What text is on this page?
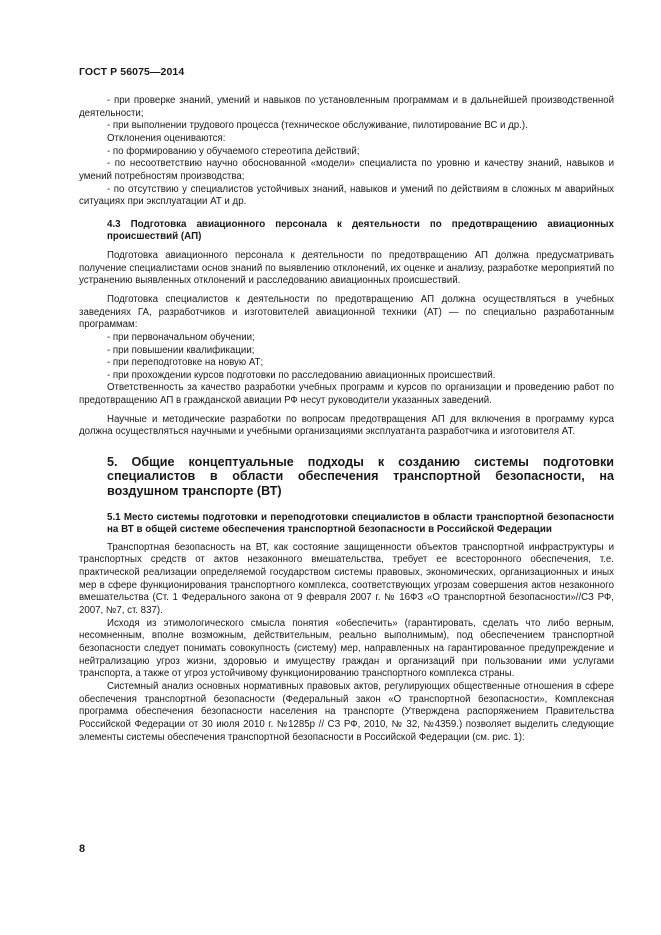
ГОСТ Р 56075—2014

- при проверке знаний, умений и навыков по установленным программам и в дальнейшей производственной деятельности;

- при выполнении трудового процесса (техническое обслуживание, пилотирование ВС и др.).

Отклонения оцениваются:

- по формированию у обучаемого стереотипа действий;

- по несоответствию научно обоснованной «модели» специалиста по уровню и качеству знаний, навыков и умений потребностям производства;

- по отсутствию у специалистов устойчивых знаний, навыков и умений по действиям в сложных м аварийных ситуациях при эксплуатации АТ и др.

4.3 Подготовка авиационного персонала к деятельности по предотвращению авиационных происшествий (АП)

Подготовка авиационного персонала к деятельности по предотвращению АП должна предусматривать получение специалистами основ знаний по выявлению отклонений, их оценке и анализу, разработке мероприятий по устранению выявленных отклонений и расследованию авиационных происшествий.

Подготовка специалистов к деятельности по предотвращению АП должна осуществляться в учебных заведениях ГА, разработчиков и изготовителей авиационной техники (АТ) — по специально разработанным программам:

- при первоначальном обучении;

- при повышении квалификации;

- при переподготовке на новую АТ;

- при прохождении курсов подготовки по расследованию авиационных происшествий.

Ответственность за качество разработки учебных программ и курсов по организации и проведению работ по предотвращению АП в гражданской авиации РФ несут руководители указанных заведений.

Научные и методические разработки по вопросам предотвращения АП для включения в программу курса должна осуществляться научными и учебными организациями эксплуатанта разработчика и изготовителя АТ.

5. Общие концептуальные подходы к созданию системы подготовки специалистов в области обеспечения транспортной безопасности, на воздушном транспорте (ВТ)
5.1 Место системы подготовки и переподготовки специалистов в области транспортной безопасности на ВТ в общей системе обеспечения транспортной безопасности в Российской Федерации

Транспортная безопасность на ВТ, как состояние защищенности объектов транспортной инфраструктуры и транспортных средств от актов незаконного вмешательства, требует ее всесторонного обеспечения, т.е. практической реализации определяемой государством системы правовых, экономических, организационных и иных мер в сфере функционирования транспортного комплекса, соответствующих угрозам совершения актов незаконного вмешательства (Ст. 1 Федерального закона от 9 февраля 2007 г. № 16ФЗ «О транспортной безопасности»//СЗ РФ, 2007, №7, ст. 837).

Исходя из этимологического смысла понятия «обеспечить» (гарантировать, сделать что либо верным, несомненным, вполне возможным, действительным, реально выполнимым), под обеспечением транспортной безопасности следует понимать совокупность (систему) мер, направленных на гарантированное предупреждение и нейтрализацию угроз жизни, здоровью и имуществу граждан и организаций при пользовании ими услугами транспорта, а также от угроз устойчивому функционированию транспортного комплекса страны.

Системный анализ основных нормативных правовых актов, регулирующих общественные отношения в сфере обеспечения транспортной безопасности (Федеральный закон «О транспортной безопасности», Комплексная программа обеспечения безопасности населения на транспорте (Утверждена распоряжением Правительства Российской Федерации от 30 июля 2010 г. №1285р // СЗ РФ, 2010, № 32, №4359.) позволяет выделить следующие элементы системы обеспечения транспортной безопасности в Российской Федерации (см. рис. 1):

8
